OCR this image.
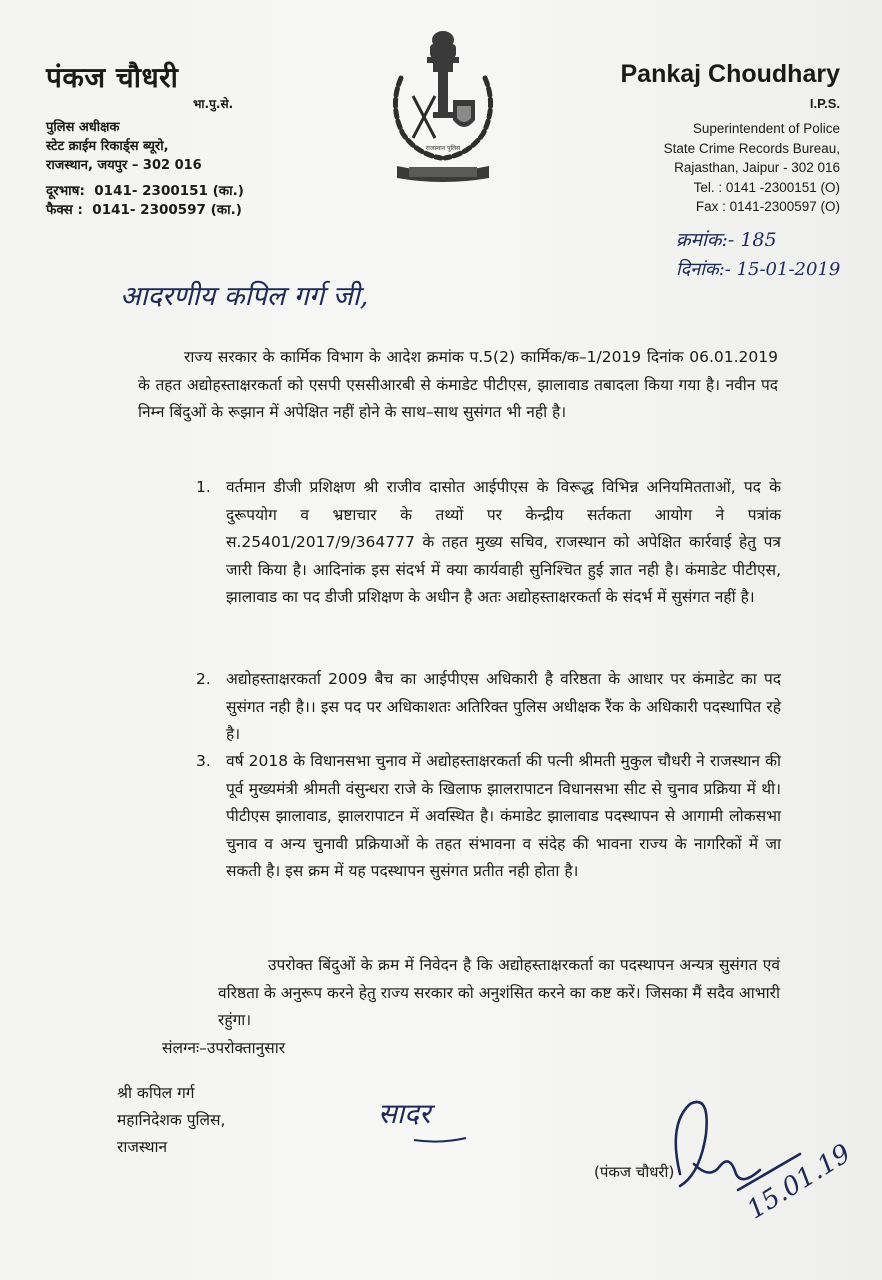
पंकज चौधरी
भा.पु.से.
पुलिस अधीक्षक
स्टेट क्राईम रिकार्ड्स ब्यूरो,
राजस्थान, जयपुर – 302 016
दूरभाष:  0141- 2300151 (का.)
फैक्स :  0141- 2300597 (का.)
राजस्थान पुलिस
Pankaj Choudhary
I.P.S.
Superintendent of Police
State Crime Records Bureau,
Rajasthan, Jaipur - 302 016
Tel. : 0141 -2300151 (O)
Fax : 0141-2300597 (O)
क्रमांक:- 185
दिनांक:- 15-01-2019
आदरणीय कपिल गर्ग जी,
राज्य सरकार के कार्मिक विभाग के आदेश क्रमांक प.5(2) कार्मिक/क–1/2019 दिनांक 06.01.2019 के तहत अद्योहस्ताक्षरकर्ता को एसपी एससीआरबी से कंमाडेट पीटीएस, झालावाड तबादला किया गया है। नवीन पद निम्न बिंदुओं के रूझान में अपेक्षित नहीं होने के साथ–साथ सुसंगत भी नही है।
1. वर्तमान डीजी प्रशिक्षण श्री राजीव दासोत आईपीएस के विरूद्ध विभिन्न अनियमितताओं, पद के दुरूपयोग व भ्रष्टाचार के तथ्यों पर केन्द्रीय सर्तकता आयोग ने पत्रांक स.25401/2017/9/364777 के तहत मुख्य सचिव, राजस्थान को अपेक्षित कार्रवाई हेतु पत्र जारी किया है। आदिनांक इस संदर्भ में क्या कार्यवाही सुनिश्चित हुई ज्ञात नही है। कंमाडेट पीटीएस, झालावाड का पद डीजी प्रशिक्षण के अधीन है अतः अद्योहस्ताक्षरकर्ता के संदर्भ में सुसंगत नहीं है।
2. अद्योहस्ताक्षरकर्ता 2009 बैच का आईपीएस अधिकारी है वरिष्ठता के आधार पर कंमाडेट का पद सुसंगत नही है।। इस पद पर अधिकाशतः अतिरिक्त पुलिस अधीक्षक रैंक के अधिकारी पदस्थापित रहे है।
3. वर्ष 2018 के विधानसभा चुनाव में अद्योहस्ताक्षरकर्ता की पत्नी श्रीमती मुकुल चौधरी ने राजस्थान की पूर्व मुख्यमंत्री श्रीमती वंसुन्धरा राजे के खिलाफ झालरापाटन विधानसभा सीट से चुनाव प्रक्रिया में थी। पीटीएस झालावाड, झालरापाटन में अवस्थित है। कंमाडेट झालावाड पदस्थापन से आगामी लोकसभा चुनाव व अन्य चुनावी प्रक्रियाओं के तहत संभावना व संदेह की भावना राज्य के नागरिकों में जा सकती है। इस क्रम में यह पदस्थापन सुसंगत प्रतीत नही होता है।
उपरोक्त बिंदुओं के क्रम में निवेदन है कि अद्योहस्ताक्षरकर्ता का पदस्थापन अन्यत्र सुसंगत एवं वरिष्ठता के अनुरूप करने हेतु राज्य सरकार को अनुशंसित करने का कष्ट करें। जिसका मैं सदैव आभारी रहुंगा।
संलग्नः–उपरोक्तानुसार
श्री कपिल गर्ग
महानिदेशक पुलिस,
राजस्थान
सादर
(पंकज चौधरी)	15.01.19
